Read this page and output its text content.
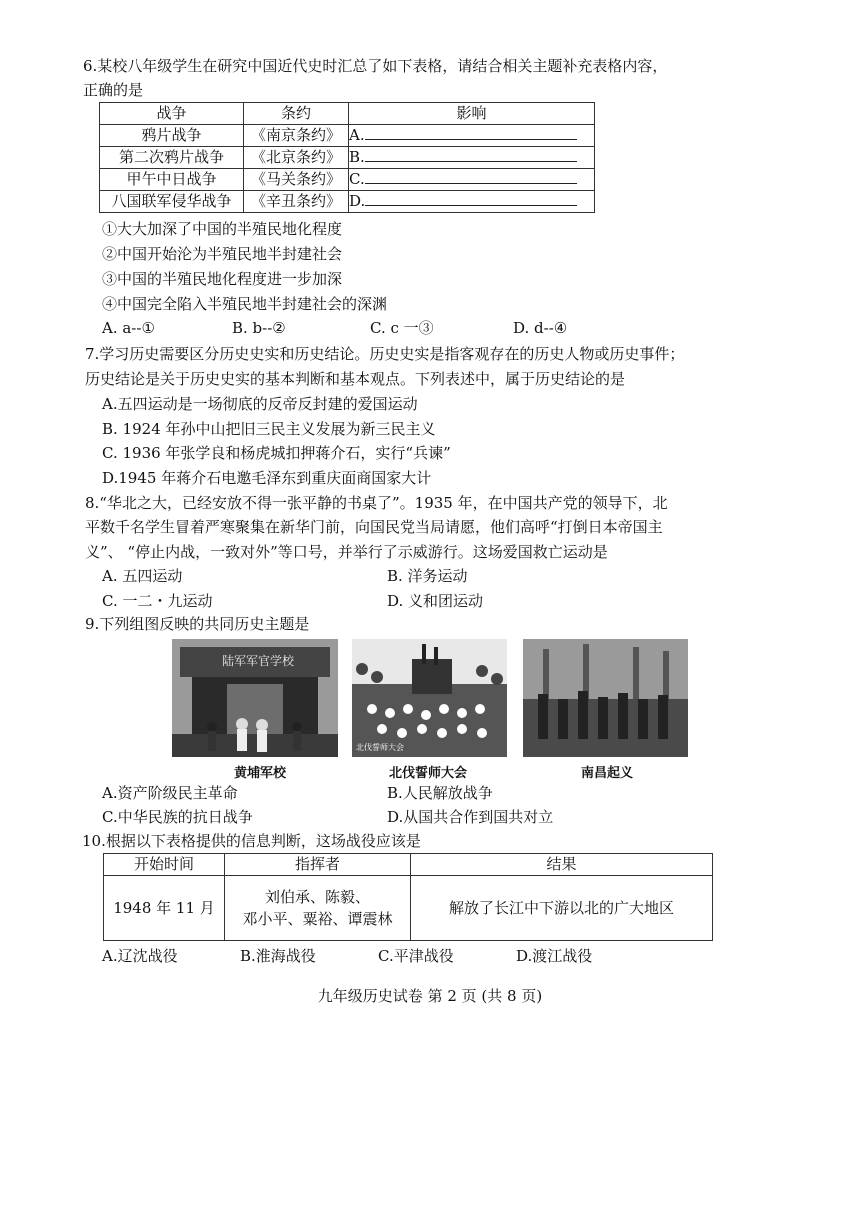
6.某校八年级学生在研究中国近代史时汇总了如下表格，请结合相关主题补充表格内容，
正确的是
战争	条约	影响
鸦片战争	《南京条约》	A.
第二次鸦片战争	《北京条约》	B.
甲午中日战争	《马关条约》	C.
八国联军侵华战争	《辛丑条约》	D.
①大大加深了中国的半殖民地化程度
②中国开始沦为半殖民地半封建社会
③中国的半殖民地化程度进一步加深
④中国完全陷入半殖民地半封建社会的深渊
A. a--①	B. b--②	C. c 一③	D. d--④
7.学习历史需要区分历史史实和历史结论。历史史实是指客观存在的历史人物或历史事件；
历史结论是关于历史史实的基本判断和基本观点。下列表述中，属于历史结论的是
A.五四运动是一场彻底的反帝反封建的爱国运动
B. 1924 年孙中山把旧三民主义发展为新三民主义
C. 1936 年张学良和杨虎城扣押蒋介石，实行“兵谏”
D.1945 年蒋介石电邀毛泽东到重庆面商国家大计
8.“华北之大，已经安放不得一张平静的书桌了”。1935 年，在中国共产党的领导下，北
平数千名学生冒着严寒聚集在新华门前，向国民党当局请愿，他们高呼“打倒日本帝国主
义”、 “停止内战，一致对外”等口号，并举行了示威游行。这场爱国救亡运动是
A. 五四运动	B. 洋务运动
C. 一二・九运动	D. 义和团运动
9.下列组图反映的共同历史主题是
陆军军官学校
黄埔军校
北伐誓师大会
北伐誓师大会	南昌起义
A.资产阶级民主革命	B.人民解放战争
C.中华民族的抗日战争	D.从国共合作到国共对立
10.根据以下表格提供的信息判断，这场战役应该是
开始时间	指挥者	结果
1948 年 11 月	刘伯承、陈毅、
邓小平、粟裕、谭震林	解放了长江中下游以北的广大地区
A.辽沈战役	B.淮海战役	C.平津战役	D.渡江战役
九年级历史试卷 第 2 页 (共 8 页)
